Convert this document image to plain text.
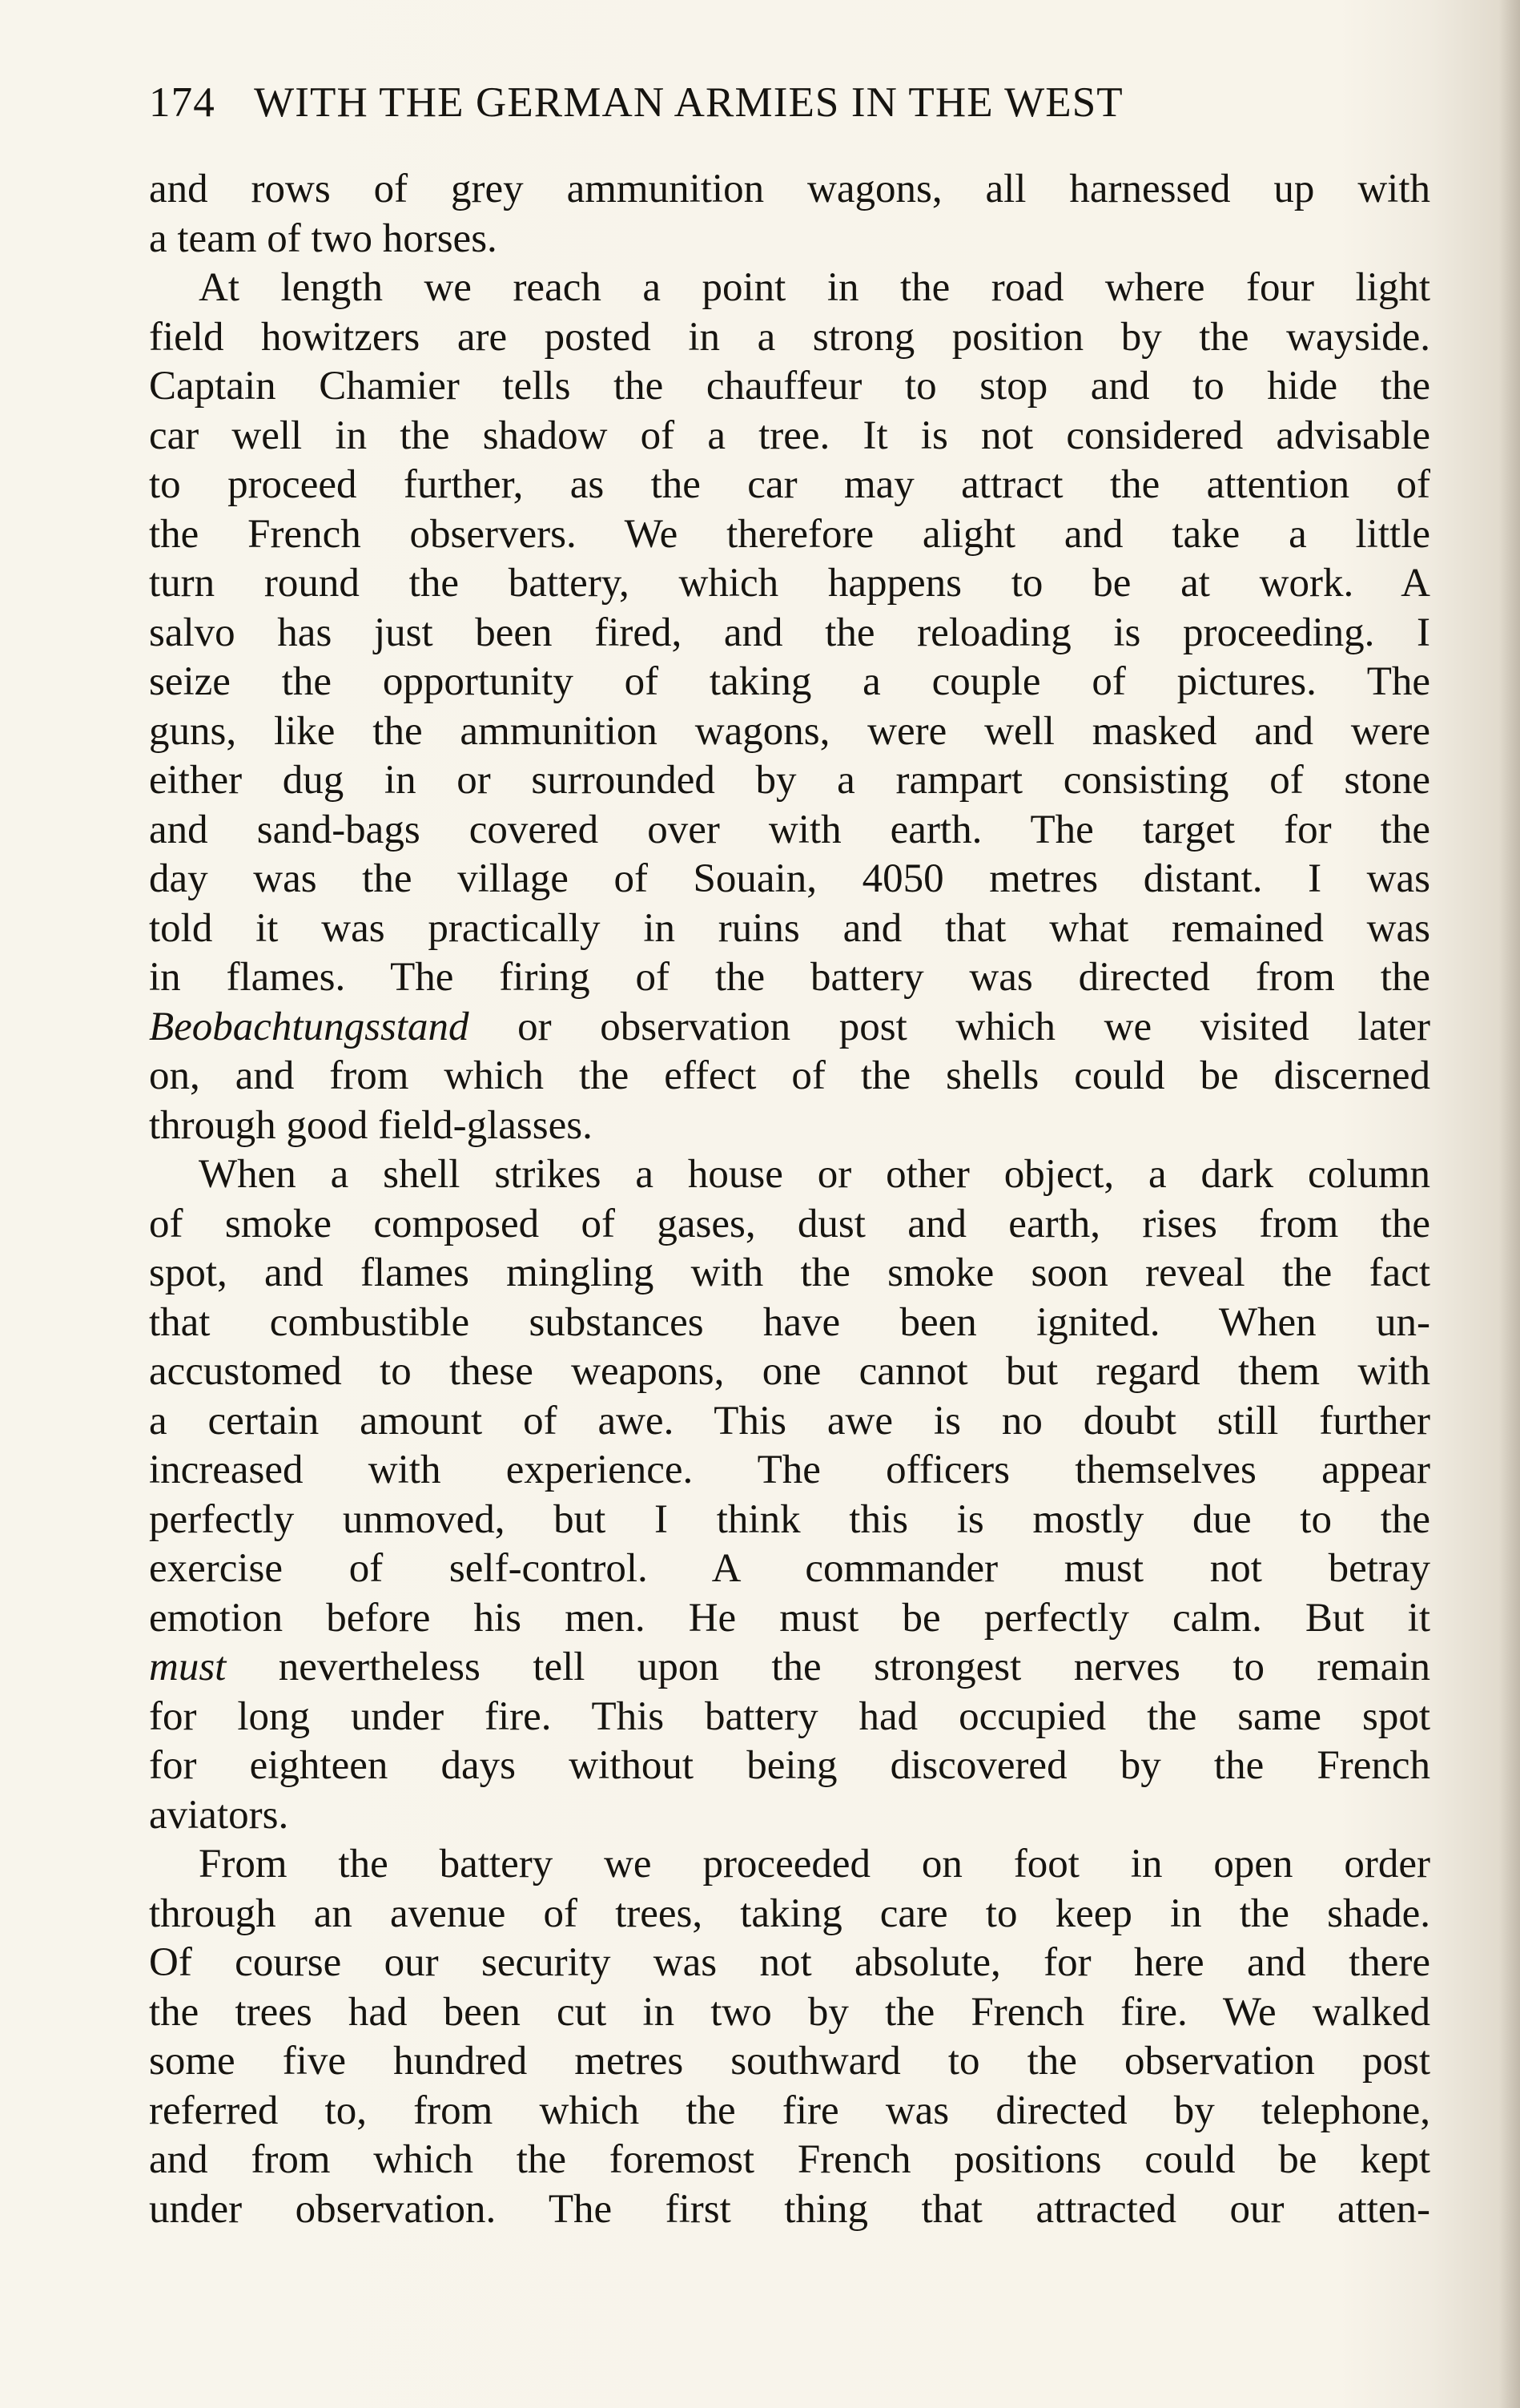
174 WITH THE GERMAN ARMIES IN THE WEST
and rows of grey ammunition wagons, all harnessed up with
a team of two horses.
At length we reach a point in the road where four light
field howitzers are posted in a strong position by the wayside.
Captain Chamier tells the chauffeur to stop and to hide the
car well in the shadow of a tree. It is not considered advisable
to proceed further, as the car may attract the attention of
the French observers. We therefore alight and take a little
turn round the battery, which happens to be at work. A
salvo has just been fired, and the reloading is proceeding. I
seize the opportunity of taking a couple of pictures. The
guns, like the ammunition wagons, were well masked and were
either dug in or surrounded by a rampart consisting of stone
and sand-bags covered over with earth. The target for the
day was the village of Souain, 4050 metres distant. I was
told it was practically in ruins and that what remained was
in flames. The firing of the battery was directed from the
Beobachtungsstand or observation post which we visited later
on, and from which the effect of the shells could be discerned
through good field-glasses.
When a shell strikes a house or other object, a dark column
of smoke composed of gases, dust and earth, rises from the
spot, and flames mingling with the smoke soon reveal the fact
that combustible substances have been ignited. When un-
accustomed to these weapons, one cannot but regard them with
a certain amount of awe. This awe is no doubt still further
increased with experience. The officers themselves appear
perfectly unmoved, but I think this is mostly due to the
exercise of self-control. A commander must not betray
emotion before his men. He must be perfectly calm. But it
must nevertheless tell upon the strongest nerves to remain
for long under fire. This battery had occupied the same spot
for eighteen days without being discovered by the French
aviators.
From the battery we proceeded on foot in open order
through an avenue of trees, taking care to keep in the shade.
Of course our security was not absolute, for here and there
the trees had been cut in two by the French fire. We walked
some five hundred metres southward to the observation post
referred to, from which the fire was directed by telephone,
and from which the foremost French positions could be kept
under observation. The first thing that attracted our atten-
